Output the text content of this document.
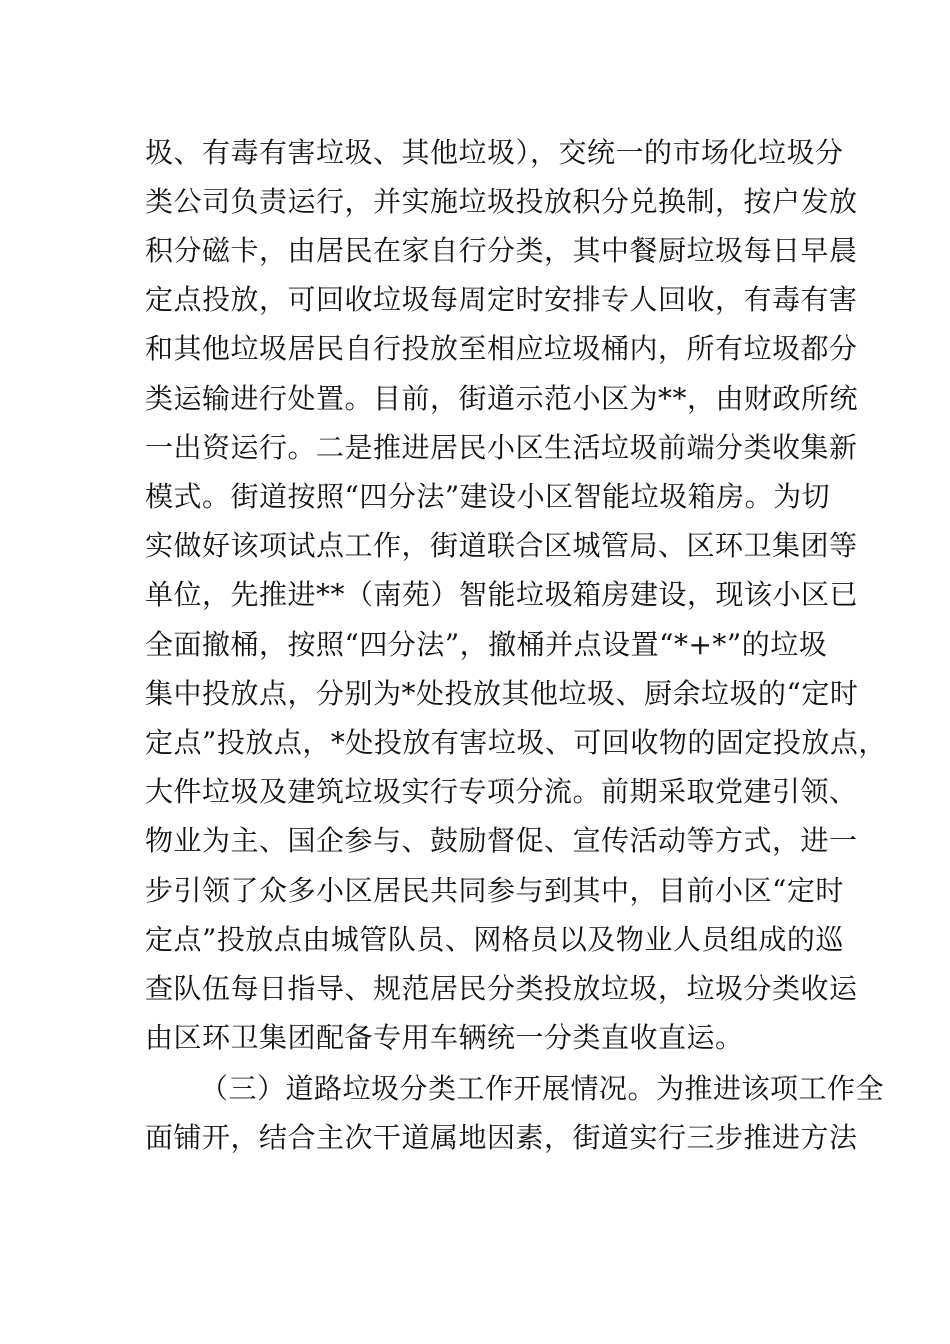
圾、有毒有害垃圾、其他垃圾），交统一的市场化垃圾分
类公司负责运行，并实施垃圾投放积分兑换制，按户发放
积分磁卡，由居民在家自行分类，其中餐厨垃圾每日早晨
定点投放，可回收垃圾每周定时安排专人回收，有毒有害
和其他垃圾居民自行投放至相应垃圾桶内，所有垃圾都分
类运输进行处置。目前，街道示范小区为**，由财政所统
一出资运行。二是推进居民小区生活垃圾前端分类收集新
模式。街道按照“四分法”建设小区智能垃圾箱房。为切
实做好该项试点工作，街道联合区城管局、区环卫集团等
单位，先推进**（南苑）智能垃圾箱房建设，现该小区已
全面撤桶，按照“四分法”，撤桶并点设置“*+*”的垃圾
集中投放点，分别为*处投放其他垃圾、厨余垃圾的“定时
定点”投放点，*处投放有害垃圾、可回收物的固定投放点，
大件垃圾及建筑垃圾实行专项分流。前期采取党建引领、
物业为主、国企参与、鼓励督促、宣传活动等方式，进一
步引领了众多小区居民共同参与到其中，目前小区“定时
定点”投放点由城管队员、网格员以及物业人员组成的巡
查队伍每日指导、规范居民分类投放垃圾，垃圾分类收运
由区环卫集团配备专用车辆统一分类直收直运。
（三）道路垃圾分类工作开展情况。为推进该项工作全
面铺开，结合主次干道属地因素，街道实行三步推进方法
